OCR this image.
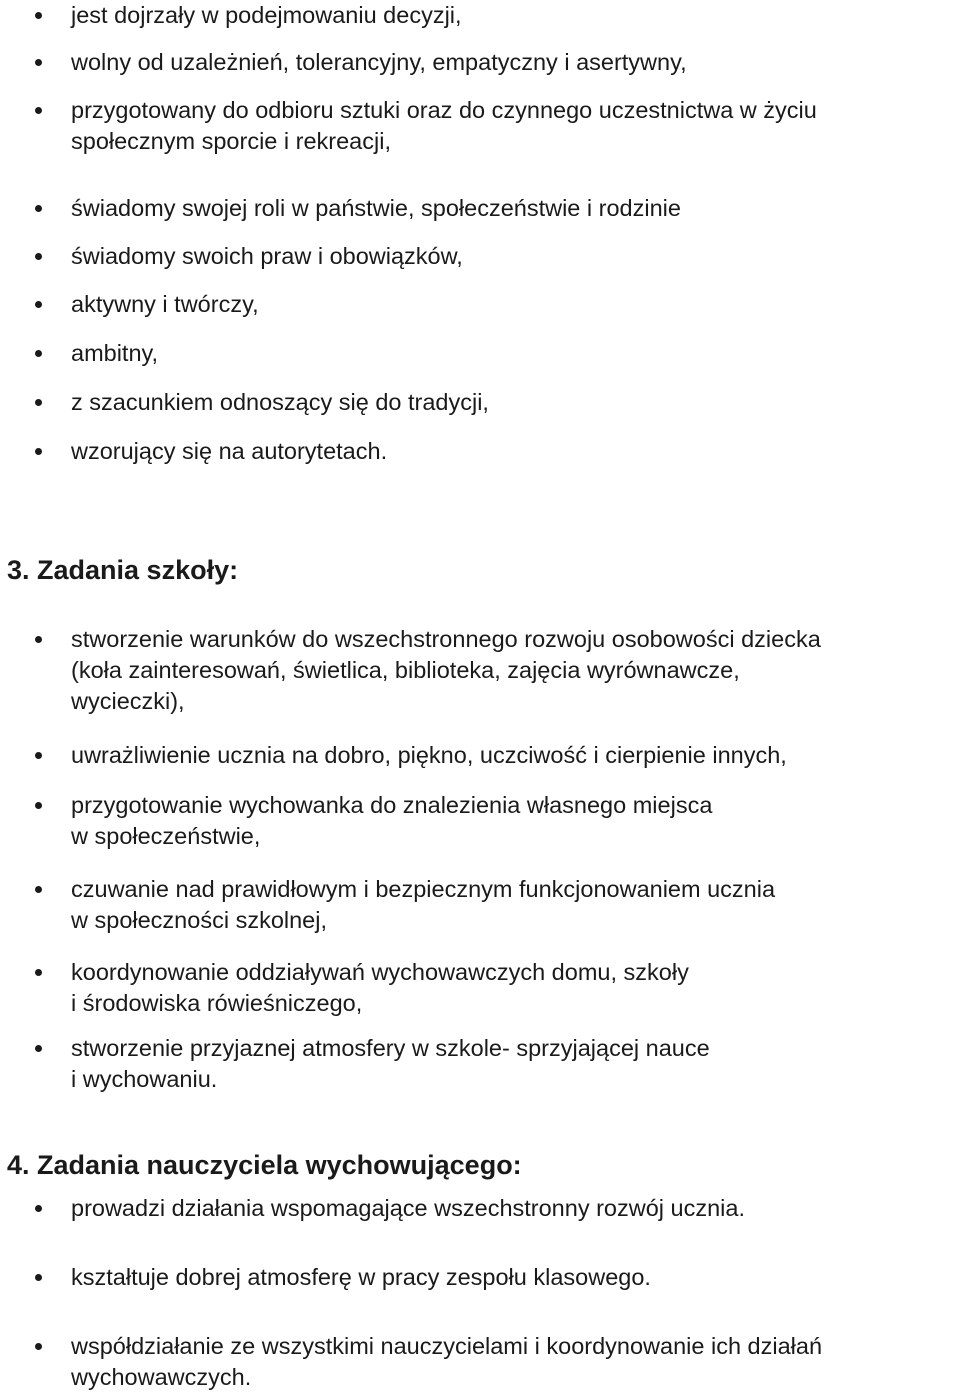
jest dojrzały w podejmowaniu decyzji,
wolny od uzależnień, tolerancyjny, empatyczny i asertywny,
przygotowany do odbioru sztuki oraz do czynnego uczestnictwa w życiu
społecznym sporcie i rekreacji,
świadomy swojej roli w państwie, społeczeństwie i rodzinie
świadomy swoich praw i obowiązków,
aktywny i twórczy,
ambitny,
z szacunkiem odnoszący się do tradycji,
wzorujący się na autorytetach.
3. Zadania szkoły:
stworzenie warunków do wszechstronnego rozwoju osobowości dziecka
(koła zainteresowań, świetlica, biblioteka, zajęcia wyrównawcze,
wycieczki),
uwrażliwienie ucznia na dobro, piękno, uczciwość i cierpienie innych,
przygotowanie wychowanka do znalezienia własnego miejsca
w społeczeństwie,
czuwanie nad prawidłowym i bezpiecznym funkcjonowaniem ucznia
w społeczności szkolnej,
koordynowanie oddziaływań wychowawczych domu, szkoły
i środowiska rówieśniczego,
stworzenie przyjaznej atmosfery w szkole- sprzyjającej nauce
i wychowaniu.
4. Zadania nauczyciela wychowującego:
prowadzi działania wspomagające wszechstronny rozwój ucznia.
kształtuje dobrej atmosferę w pracy zespołu klasowego.
współdziałanie ze wszystkimi nauczycielami i koordynowanie ich działań
wychowawczych.
